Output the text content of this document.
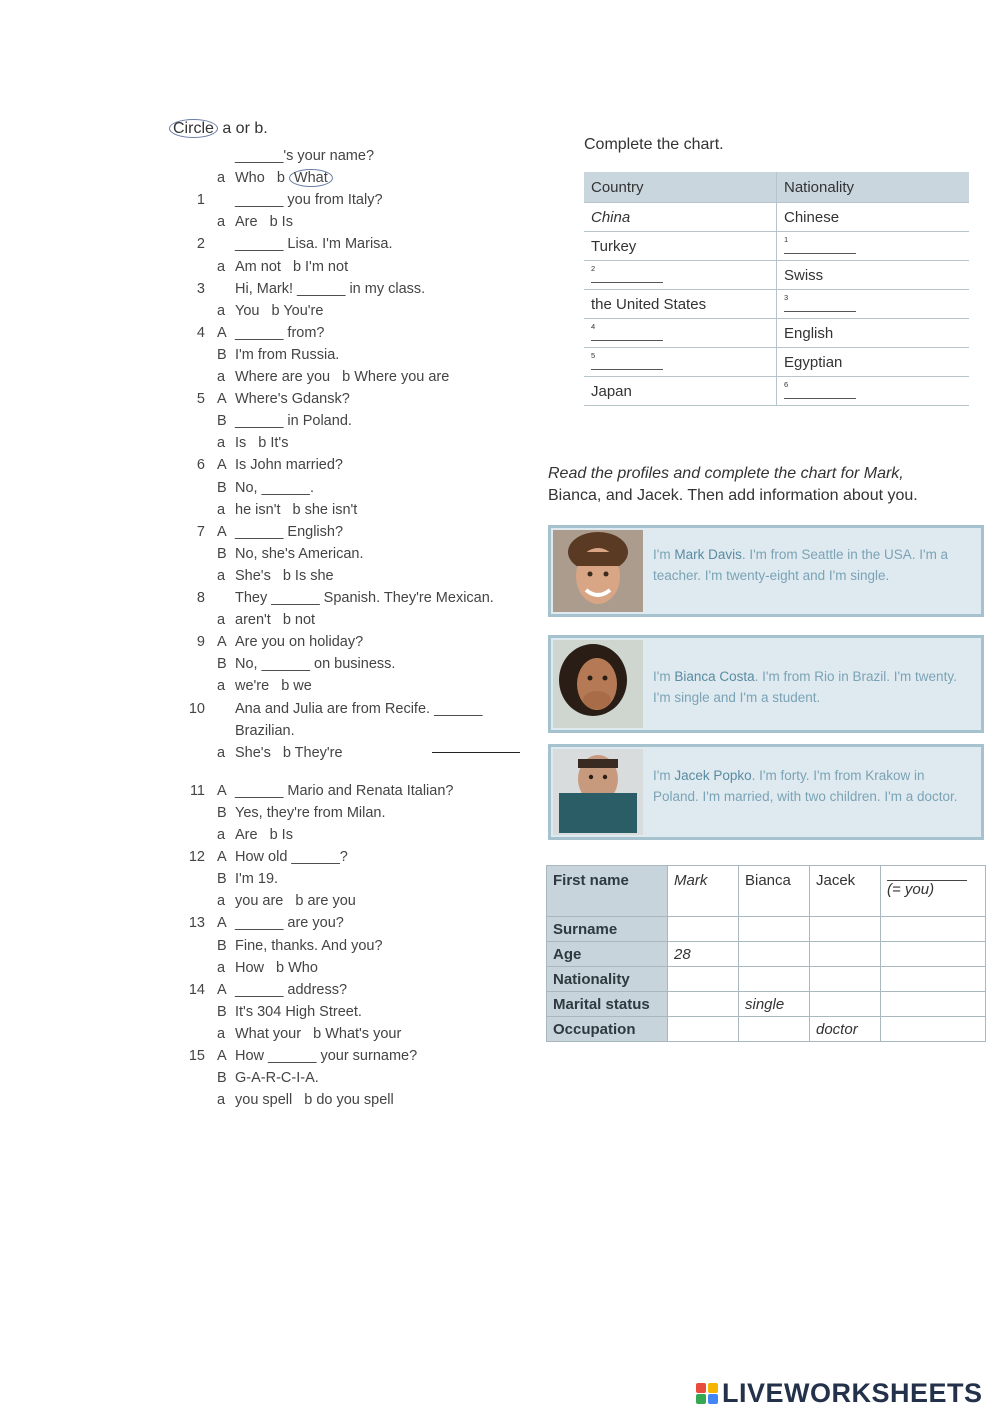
Circle a or b.
______'s your name?
a Who b What
1 ______ you from Italy?
a Are b Is
2 ______ Lisa. I'm Marisa.
a Am not b I'm not
3 Hi, Mark! ______ in my class.
a You b You're
4 A ______ from?
B I'm from Russia.
a Where are you b Where you are
5 A Where's Gdansk?
B ______ in Poland.
a Is b It's
6 A Is John married?
B No, ______.
a he isn't b she isn't
7 A ______ English?
B No, she's American.
a She's b Is she
8 They ______ Spanish. They're Mexican.
a aren't b not
9 A Are you on holiday?
B No, ______ on business.
a we're b we
10 Ana and Julia are from Recife. ______
Brazilian.
a She's b They're
11 A ______ Mario and Renata Italian?
B Yes, they're from Milan.
a Are b Is
12 A How old ______?
B I'm 19.
a you are b are you
13 A ______ are you?
B Fine, thanks. And you?
a How b Who
14 A ______ address?
B It's 304 High Street.
a What your b What's your
15 A How ______ your surname?
B G-A-R-C-I-A.
a you spell b do you spell
Complete the chart.
Country	Nationality
China	Chinese
Turkey	1

2	Swiss
the United States	3

4	English

5	Egyptian
Japan	6
Read the profiles and complete the chart for Mark,
Bianca, and Jacek. Then add information about you.
I'm Mark Davis. I'm from Seattle in the USA. I'm a teacher. I'm twenty-eight and I'm single.
I'm Bianca Costa. I'm from Rio in Brazil. I'm twenty. I'm single and I'm a student.
I'm Jacek Popko. I'm forty. I'm from Krakow in Poland. I'm married, with two children. I'm a doctor.
First name	Mark	Bianca	Jacek	(= you)
Surname				
Age	28			
Nationality				
Marital status		single		
Occupation			doctor	
LIVEWORKSHEETS
